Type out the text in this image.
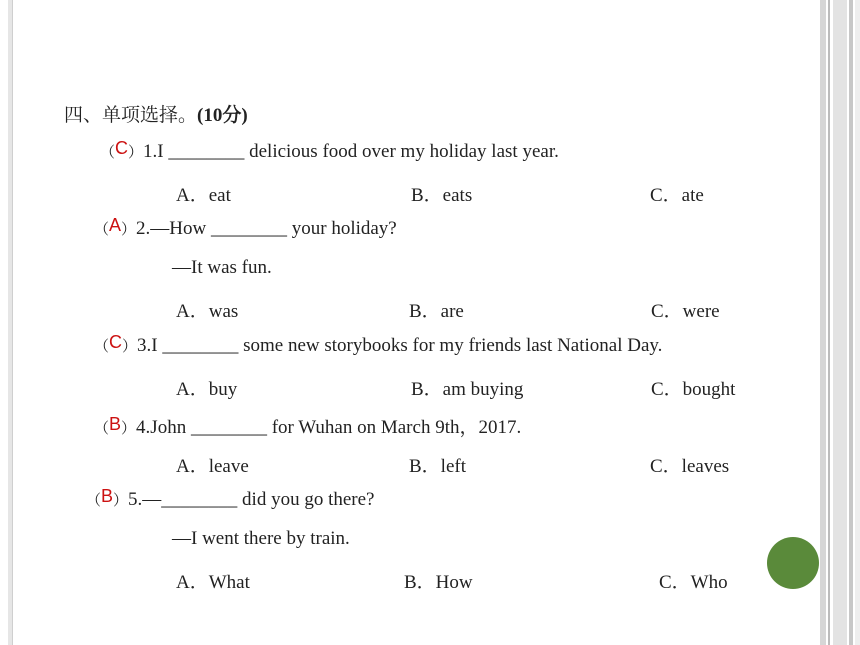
四、单项选择。(10分)
（C）1.I ________ delicious food over my holiday last year.
A．eat	B．eats	C．ate
（A）2.—How ________ your holiday?
—It was fun.
A．was	B．are	C．were
（C）3.I ________ some new storybooks for my friends last National Day.
A．buy	B．am buying	C．bought
（B）4.John ________ for Wuhan on March 9th，2017.
A．leave	B．left	C．leaves
（B）5.—________ did you go there?
—I went there by train.
A．What	B．How	C．Who
